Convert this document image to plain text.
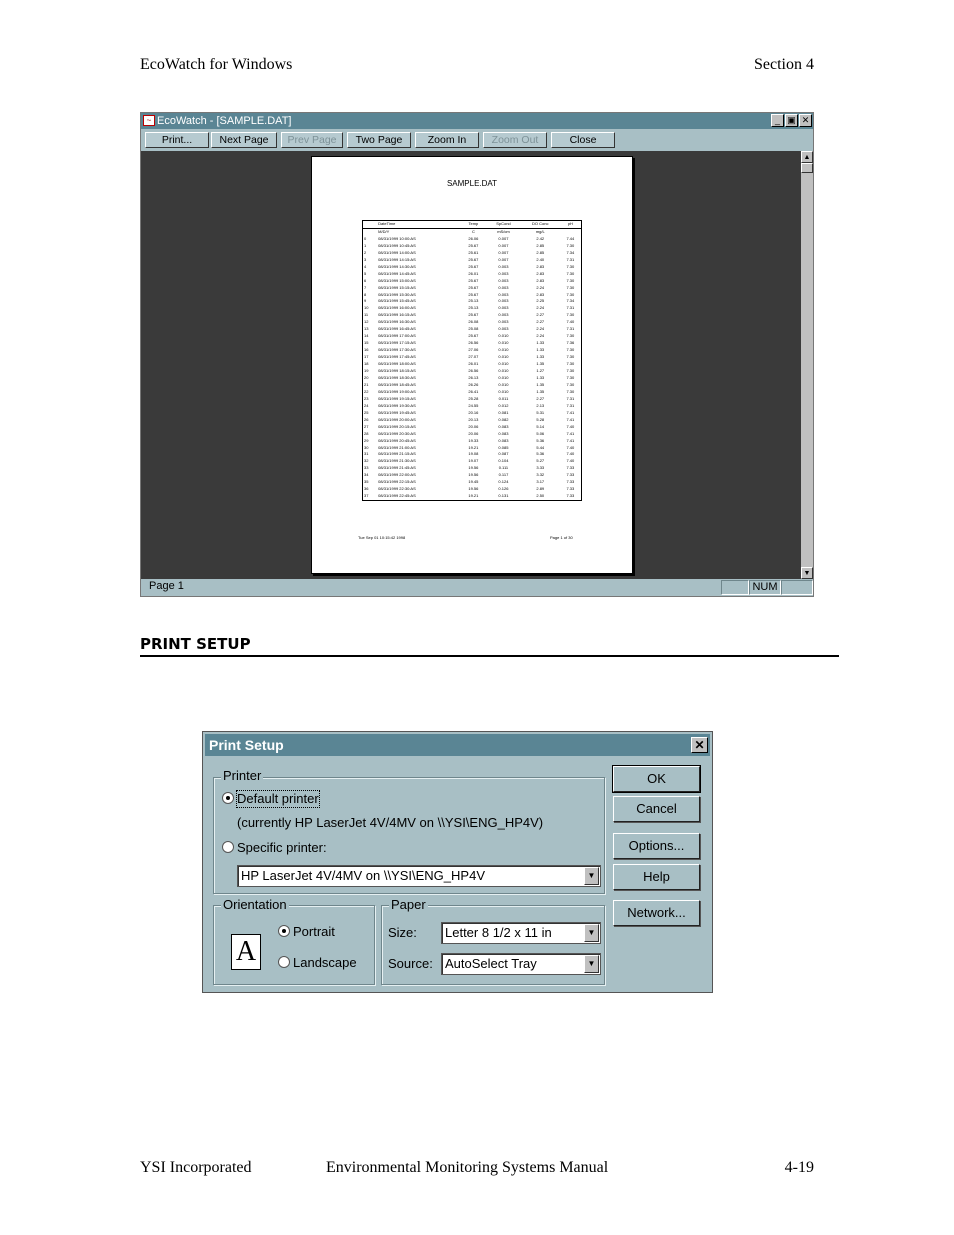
EcoWatch for Windows	Section 4
~ EcoWatch - [SAMPLE.DAT]	_ ▣ ✕
Print...	Next Page	Prev Page	Two Page	Zoom In	Zoom Out	Close
SAMPLE.DAT
	DateTime	Temp	SpCond	DO Conc	pH
	M/D/Y	C	mS/cm	mg/L	
0	08/31/1999 10:00:AS	26.06	0.007	2.42	7.44
1	08/31/1999 10:45:AS	25.67	0.007	2.85	7.30
2	08/31/1999 14:00:AS	25.61	0.007	2.85	7.34
3	08/31/1999 14:15:AS	25.67	0.007	2.40	7.31
4	08/31/1999 14:30:AS	25.67	0.003	2.83	7.30
5	08/31/1999 14:45:AS	26.01	0.003	2.83	7.30
6	08/31/1999 15:00:AS	25.67	0.003	2.83	7.30
7	08/31/1999 15:15:AS	25.67	0.003	2.24	7.30
8	08/31/1999 15:30:AS	25.67	0.003	2.83	7.30
9	08/31/1999 15:45:AS	25.13	0.003	2.25	7.34
10	08/31/1999 16:00:AS	25.13	0.003	2.24	7.31
11	08/31/1999 16:15:AS	25.67	0.003	2.27	7.30
12	08/31/1999 16:30:AS	26.08	0.003	2.27	7.40
13	08/31/1999 16:45:AS	25.08	0.003	2.24	7.31
14	08/31/1999 17:00:AS	25.67	0.010	2.24	7.30
15	08/31/1999 17:15:AS	26.56	0.010	1.33	7.36
16	08/31/1999 17:30:AS	27.06	0.010	1.33	7.30
17	08/31/1999 17:45:AS	27.07	0.010	1.33	7.30
18	08/31/1999 18:00:AS	26.01	0.010	1.35	7.30
19	08/31/1999 18:15:AS	26.56	0.010	1.27	7.30
20	08/31/1999 18:30:AS	26.13	0.010	1.33	7.30
21	08/31/1999 18:45:AS	26.26	0.010	1.35	7.30
22	08/31/1999 19:00:AS	26.41	0.010	1.35	7.30
23	08/31/1999 19:15:AS	25.28	0.011	2.27	7.31
24	08/31/1999 19:30:AS	24.55	0.012	2.13	7.31
25	08/31/1999 19:45:AS	20.16	0.081	5.31	7.41
26	08/31/1999 20:00:AS	20.13	0.082	5.28	7.41
27	08/31/1999 20:15:AS	20.06	0.083	5.14	7.40
28	08/31/1999 20:30:AS	20.06	0.083	5.06	7.41
29	08/31/1999 20:45:AS	19.33	0.083	5.36	7.41
30	08/31/1999 21:00:AS	19.21	0.085	5.44	7.40
31	08/31/1999 21:15:AS	19.08	0.087	5.36	7.40
32	08/31/1999 21:30:AS	19.07	0.104	5.27	7.40
33	08/31/1999 21:45:AS	19.56	0.111	3.33	7.33
34	08/31/1999 22:00:AS	19.56	0.117	3.32	7.33
35	08/31/1999 22:15:AS	19.45	0.124	3.17	7.33
36	08/31/1999 22:30:AS	19.56	0.126	2.89	7.33
37	08/31/1999 22:45:AS	19.21	0.131	2.50	7.33
Tue Sep 01 10:15:42 1998	Page 1 of 30
▲
▼
Page 1	NUM
PRINT SETUP
Print Setup	✕
Printer
Default printer
(currently HP LaserJet 4V/4MV on \\YSI\ENG_HP4V)
Specific printer:
HP LaserJet 4V/4MV on \\YSI\ENG_HP4V	▼
Orientation
A
Portrait
Landscape
Paper
Size:	Letter 8 1/2 x 11 in	▼
Source: AutoSelect Tray	▼
OK
Cancel
Options...
Help
Network...
YSI Incorporated	Environmental Monitoring Systems Manual	4-19
